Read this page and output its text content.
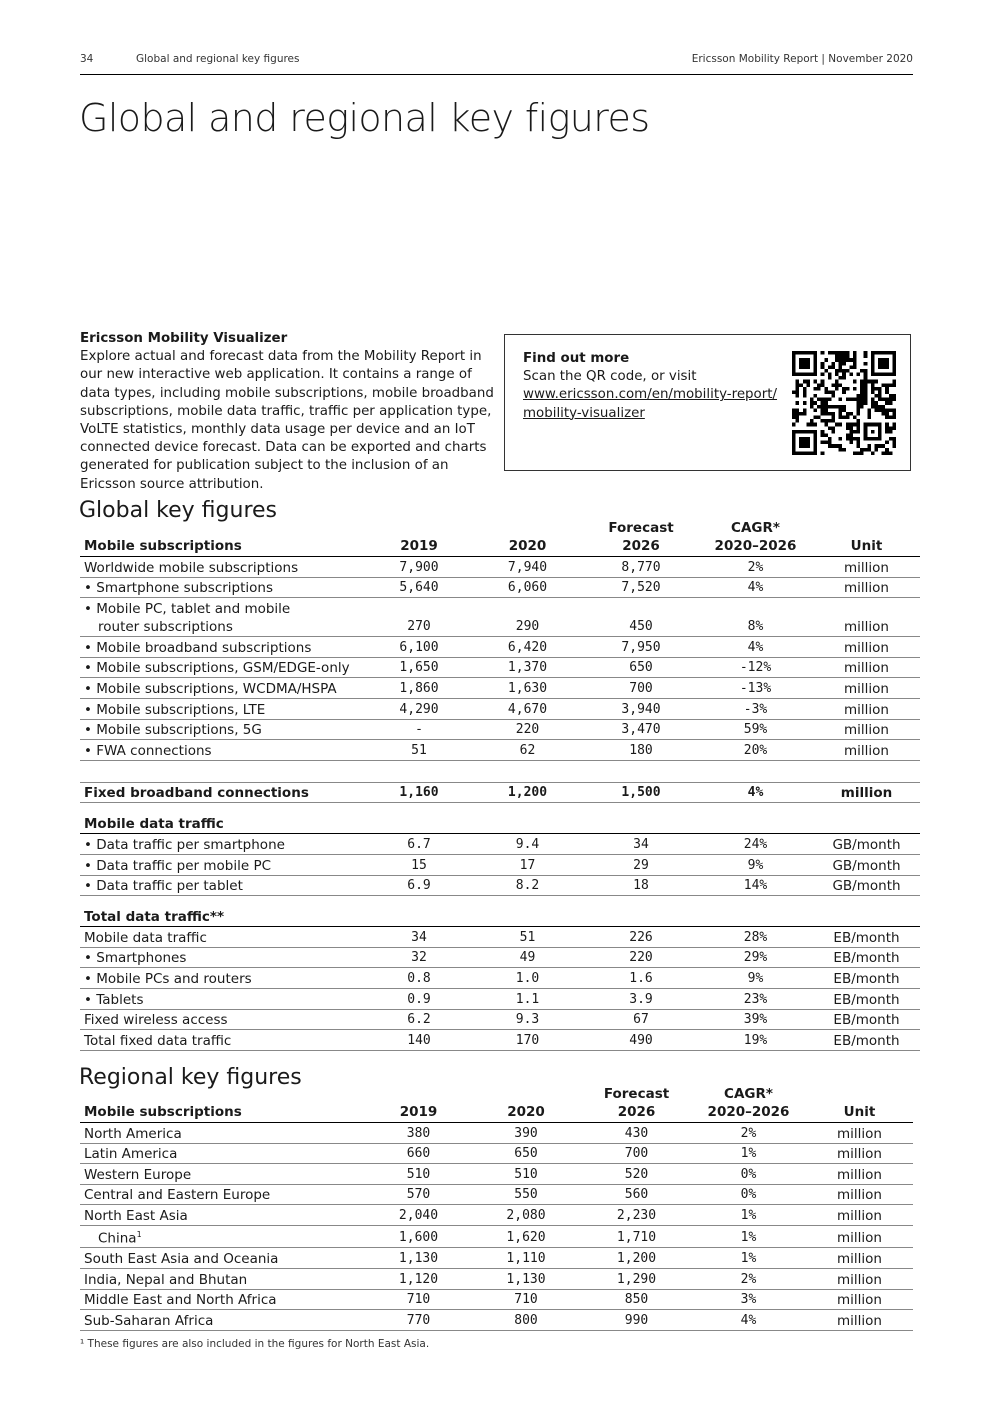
34	Global and regional key figures	Ericsson Mobility Report | November 2020
Global and regional key figures
Ericsson Mobility Visualizer
Explore actual and forecast data from the Mobility Report in our new interactive web application. It contains a range of data types, including mobile subscriptions, mobile broadband subscriptions, mobile data traffic, traffic per application type, VoLTE statistics, monthly data usage per device and an IoT connected device forecast. Data can be exported and charts generated for publication subject to the inclusion of an Ericsson source attribution.
Find out more
Scan the QR code, or visit
www.ericsson.com/en/mobility-report/
mobility-visualizer
Global key figures
			Forecast	CAGR*	
Mobile subscriptions	2019	2020	2026	2020–2026	Unit
Worldwide mobile subscriptions	7,900	7,940	8,770	2%	million
• Smartphone subscriptions	5,640	6,060	7,520	4%	million
• Mobile PC, tablet and mobile
router subscriptions	270	290	450	8%	million
• Mobile broadband subscriptions	6,100	6,420	7,950	4%	million
• Mobile subscriptions, GSM/EDGE-only	1,650	1,370	650	-12%	million
• Mobile subscriptions, WCDMA/HSPA	1,860	1,630	700	-13%	million
• Mobile subscriptions, LTE	4,290	4,670	3,940	-3%	million
• Mobile subscriptions, 5G	-	220	3,470	59%	million
• FWA connections	51	62	180	20%	million

Fixed broadband connections	1,160	1,200	1,500	4%	million
Mobile data traffic					
• Data traffic per smartphone	6.7	9.4	34	24%	GB/month
• Data traffic per mobile PC	15	17	29	9%	GB/month
• Data traffic per tablet	6.9	8.2	18	14%	GB/month
Total data traffic**					
Mobile data traffic	34	51	226	28%	EB/month
• Smartphones	32	49	220	29%	EB/month
• Mobile PCs and routers	0.8	1.0	1.6	9%	EB/month
• Tablets	0.9	1.1	3.9	23%	EB/month
Fixed wireless access	6.2	9.3	67	39%	EB/month
Total fixed data traffic	140	170	490	19%	EB/month
Regional key figures
			Forecast	CAGR*	
Mobile subscriptions	2019	2020	2026	2020–2026	Unit
North America	380	390	430	2%	million
Latin America	660	650	700	1%	million
Western Europe	510	510	520	0%	million
Central and Eastern Europe	570	550	560	0%	million
North East Asia	2,040	2,080	2,230	1%	million
China$^1$	1,600	1,620	1,710	1%	million
South East Asia and Oceania	1,130	1,110	1,200	1%	million
India, Nepal and Bhutan	1,120	1,130	1,290	2%	million
Middle East and North Africa	710	710	850	3%	million
Sub-Saharan Africa	770	800	990	4%	million
¹ These figures are also included in the figures for North East Asia.
